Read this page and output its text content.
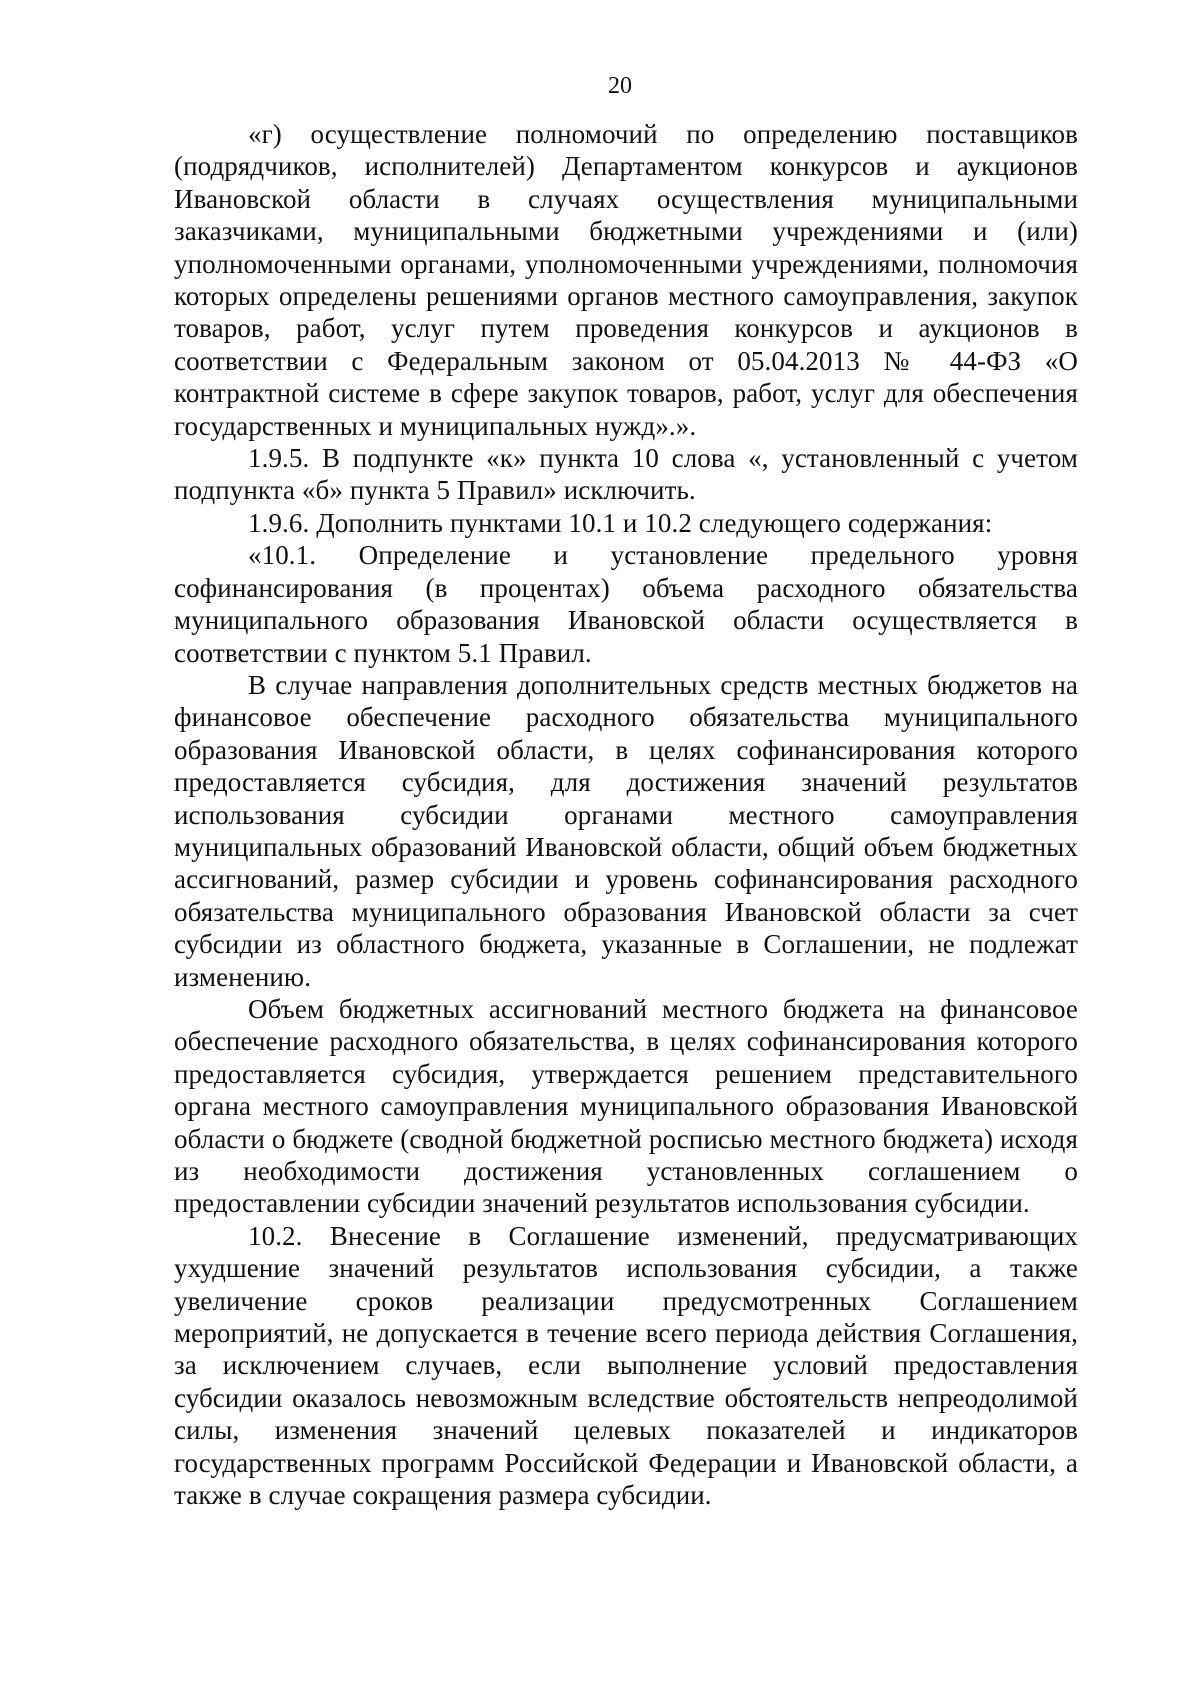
20

«г) осуществление полномочий по определению поставщиков (подрядчиков, исполнителей) Департаментом конкурсов и аукционов Ивановской области в случаях осуществления муниципальными заказчиками, муниципальными бюджетными учреждениями и (или) уполномоченными органами, уполномоченными учреждениями, полномочия которых определены решениями органов местного самоуправления, закупок товаров, работ, услуг путем проведения конкурсов и аукционов в соответствии с Федеральным законом от 05.04.2013 № 44-ФЗ «О контрактной системе в сфере закупок товаров, работ, услуг для обеспечения государственных и муниципальных нужд».».

1.9.5. В подпункте «к» пункта 10 слова «, установленный с учетом подпункта «б» пункта 5 Правил» исключить.

1.9.6. Дополнить пунктами 10.1 и 10.2 следующего содержания:

«10.1. Определение и установление предельного уровня софинансирования (в процентах) объема расходного обязательства муниципального образования Ивановской области осуществляется в соответствии с пунктом 5.1 Правил.

В случае направления дополнительных средств местных бюджетов на финансовое обеспечение расходного обязательства муниципального образования Ивановской области, в целях софинансирования которого предоставляется субсидия, для достижения значений результатов использования субсидии органами местного самоуправления муниципальных образований Ивановской области, общий объем бюджетных ассигнований, размер субсидии и уровень софинансирования расходного обязательства муниципального образования Ивановской области за счет субсидии из областного бюджета, указанные в Соглашении, не подлежат изменению.

Объем бюджетных ассигнований местного бюджета на финансовое обеспечение расходного обязательства, в целях софинансирования которого предоставляется субсидия, утверждается решением представительного органа местного самоуправления муниципального образования Ивановской области о бюджете (сводной бюджетной росписью местного бюджета) исходя из необходимости достижения установленных соглашением о предоставлении субсидии значений результатов использования субсидии.

10.2. Внесение в Соглашение изменений, предусматривающих ухудшение значений результатов использования субсидии, а также увеличение сроков реализации предусмотренных Соглашением мероприятий, не допускается в течение всего периода действия Соглашения, за исключением случаев, если выполнение условий предоставления субсидии оказалось невозможным вследствие обстоятельств непреодолимой силы, изменения значений целевых показателей и индикаторов государственных программ Российской Федерации и Ивановской области, а также в случае сокращения размера субсидии.
